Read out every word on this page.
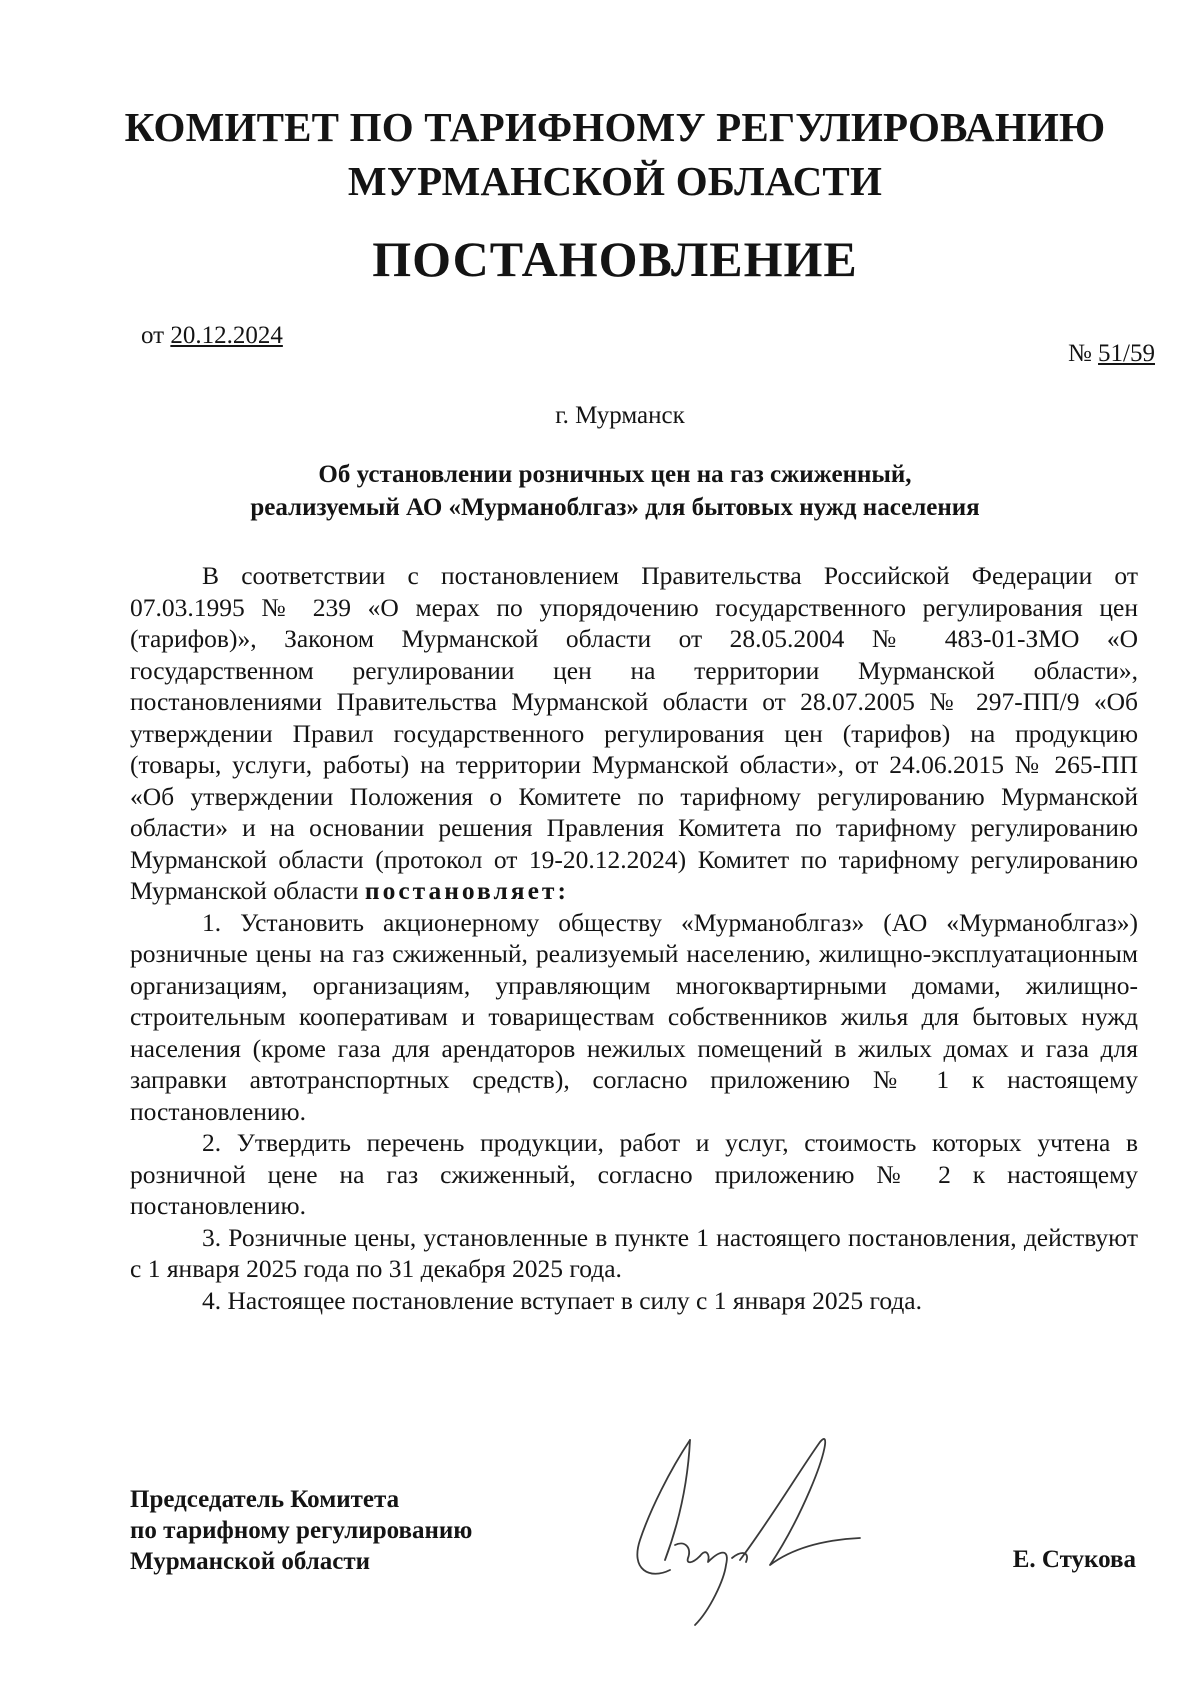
КОМИТЕТ ПО ТАРИФНОМУ РЕГУЛИРОВАНИЮ
МУРМАНСКОЙ ОБЛАСТИ
ПОСТАНОВЛЕНИЕ
от 20.12.2024
№ 51/59
г. Мурманск
Об установлении розничных цен на газ сжиженный,
реализуемый АО «Мурманоблгаз» для бытовых нужд населения

В соответствии с постановлением Правительства Российской Федерации от 07.03.1995 № 239 «О мерах по упорядочению государственного регулирования цен (тарифов)», Законом Мурманской области от 28.05.2004 № 483-01-ЗМО «О государственном регулировании цен на территории Мурманской области», постановлениями Правительства Мурманской области от 28.07.2005 № 297-ПП/9 «Об утверждении Правил государственного регулирования цен (тарифов) на продукцию (товары, услуги, работы) на территории Мурманской области», от 24.06.2015 № 265-ПП «Об утверждении Положения о Комитете по тарифному регулированию Мурманской области» и на основании решения Правления Комитета по тарифному регулированию Мурманской области (протокол от 19-20.12.2024) Комитет по тарифному регулированию Мурманской области постановляет:

1. Установить акционерному обществу «Мурманоблгаз» (АО «Мурманоблгаз») розничные цены на газ сжиженный, реализуемый населению, жилищно-эксплуатационным организациям, организациям, управляющим многоквартирными домами, жилищно-строительным кооперативам и товариществам собственников жилья для бытовых нужд населения (кроме газа для арендаторов нежилых помещений в жилых домах и газа для заправки автотранспортных средств), согласно приложению № 1 к настоящему постановлению.

2. Утвердить перечень продукции, работ и услуг, стоимость которых учтена в розничной цене на газ сжиженный, согласно приложению № 2 к настоящему постановлению.

3. Розничные цены, установленные в пункте 1 настоящего постановления, действуют с 1 января 2025 года по 31 декабря 2025 года.

4. Настоящее постановление вступает в силу с 1 января 2025 года.

Председатель Комитета
по тарифному регулированию
Мурманской области	Е. Стукова
